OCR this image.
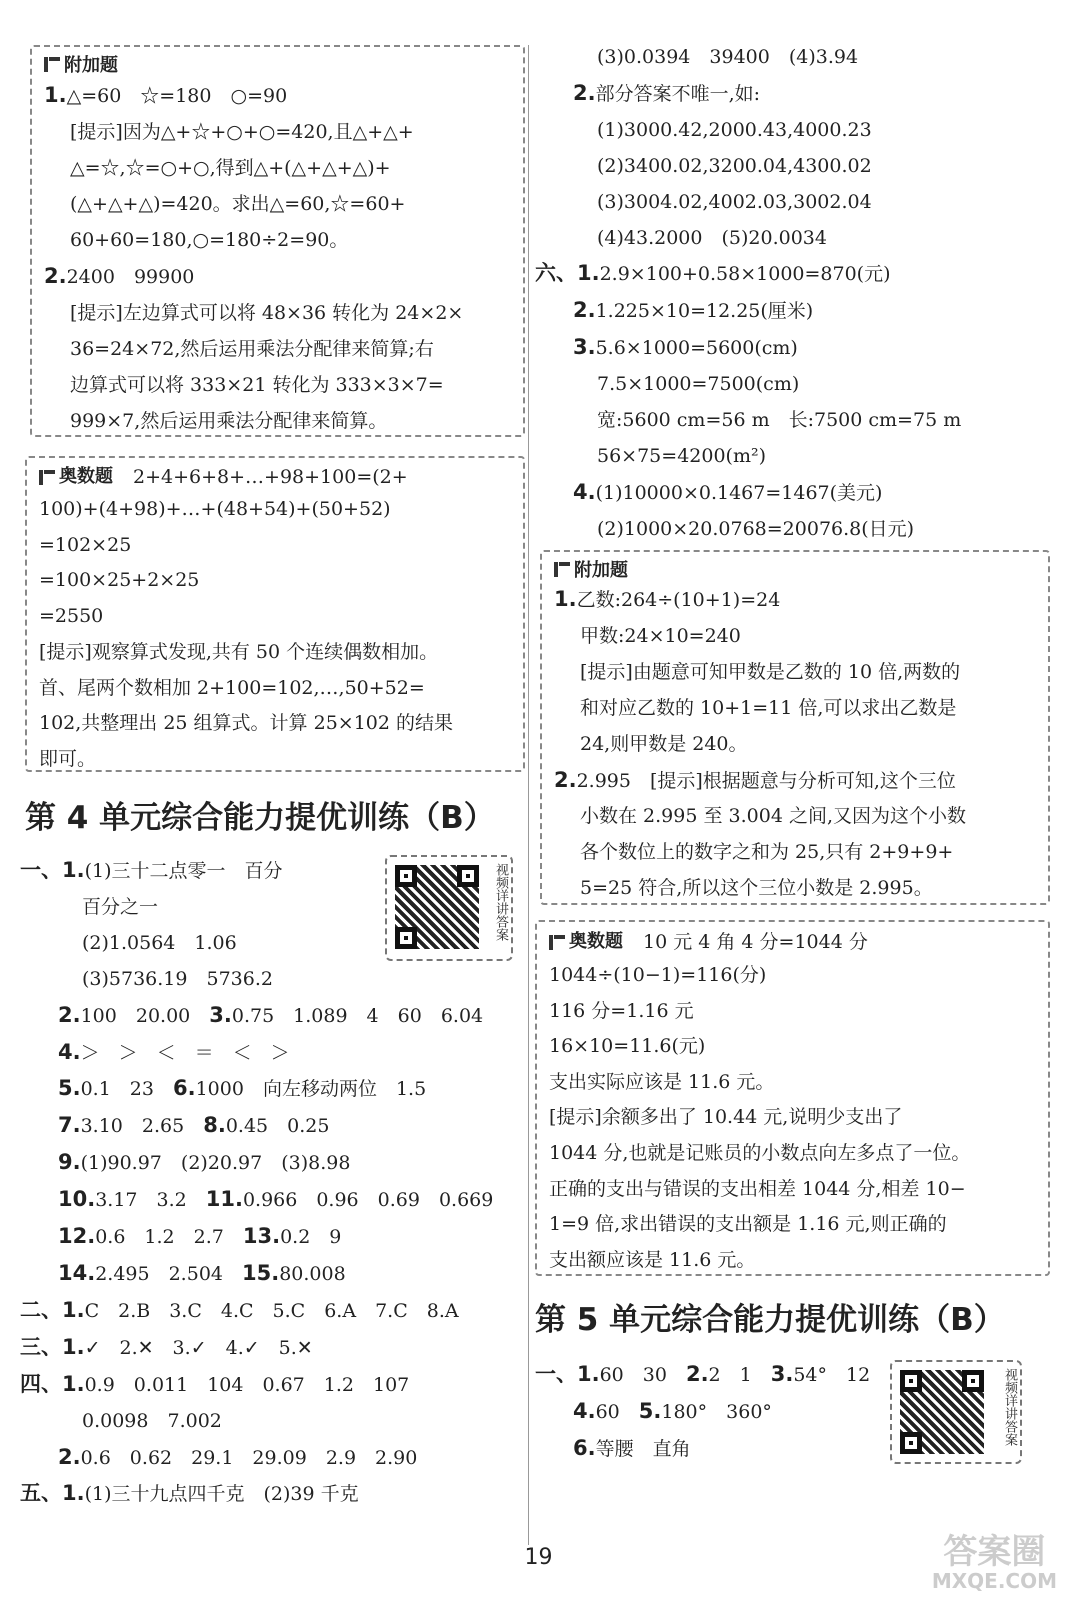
附加题
1.△=60　☆=180　○=90
[提示]因为△+☆+○+○=420,且△+△+
△=☆,☆=○+○,得到△+(△+△+△)+
(△+△+△)=420。求出△=60,☆=60+
60+60=180,○=180÷2=90。
2.2400　99900
[提示]左边算式可以将 48×36 转化为 24×2×
36=24×72,然后运用乘法分配律来简算;右
边算式可以将 333×21 转化为 333×3×7=
999×7,然后运用乘法分配律来简算。
奥数题 2+4+6+8+…+98+100=(2+
100)+(4+98)+…+(48+54)+(50+52)
=102×25
=100×25+2×25
=2550
[提示]观察算式发现,共有 50 个连续偶数相加。
首、尾两个数相加 2+100=102,…,50+52=
102,共整理出 25 组算式。计算 25×102 的结果
即可。
第 4 单元综合能力提优训练（B）
视频详讲答案
一、1.(1)三十二点零一　百分
百分之一
(2)1.0564　1.06
(3)5736.19　5736.2
2.100　20.00　3.0.75　1.089　4　60　6.04
4.＞　＞　＜　＝　＜　＞
5.0.1　23　6.1000　向左移动两位　1.5
7.3.10　2.65　8.0.45　0.25
9.(1)90.97　(2)20.97　(3)8.98
10.3.17　3.2　11.0.966　0.96　0.69　0.669
12.0.6　1.2　2.7　13.0.2　9
14.2.495　2.504　15.80.008
二、1.C　2.B　3.C　4.C　5.C　6.A　7.C　8.A
三、1.✓　2.✕　3.✓　4.✓　5.✕
四、1.0.9　0.011　104　0.67　1.2　107
0.0098　7.002
2.0.6　0.62　29.1　29.09　2.9　2.90
五、1.(1)三十九点四千克　(2)39 千克
(3)0.0394　39400　(4)3.94
2.部分答案不唯一,如:
(1)3000.42,2000.43,4000.23
(2)3400.02,3200.04,4300.02
(3)3004.02,4002.03,3002.04
(4)43.2000　(5)20.0034
六、1.2.9×100+0.58×1000=870(元)
2.1.225×10=12.25(厘米)
3.5.6×1000=5600(cm)
7.5×1000=7500(cm)
宽:5600 cm=56 m　长:7500 cm=75 m
56×75=4200(m²)
4.(1)10000×0.1467=1467(美元)
(2)1000×20.0768=20076.8(日元)
附加题
1.乙数:264÷(10+1)=24
甲数:24×10=240
[提示]由题意可知甲数是乙数的 10 倍,两数的
和对应乙数的 10+1=11 倍,可以求出乙数是
24,则甲数是 240。
2.2.995　[提示]根据题意与分析可知,这个三位
小数在 2.995 至 3.004 之间,又因为这个小数
各个数位上的数字之和为 25,只有 2+9+9+
5=25 符合,所以这个三位小数是 2.995。
奥数题 10 元 4 角 4 分=1044 分
1044÷(10−1)=116(分)
116 分=1.16 元
16×10=11.6(元)
支出实际应该是 11.6 元。
[提示]余额多出了 10.44 元,说明少支出了
1044 分,也就是记账员的小数点向左多点了一位。
正确的支出与错误的支出相差 1044 分,相差 10−
1=9 倍,求出错误的支出额是 1.16 元,则正确的
支出额应该是 11.6 元。
第 5 单元综合能力提优训练（B）
视频详讲答案
一、1.60　30　2.2　1　3.54°　12
4.60　5.180°　360°
6.等腰　直角
19	答案圈
MXQE.COM
